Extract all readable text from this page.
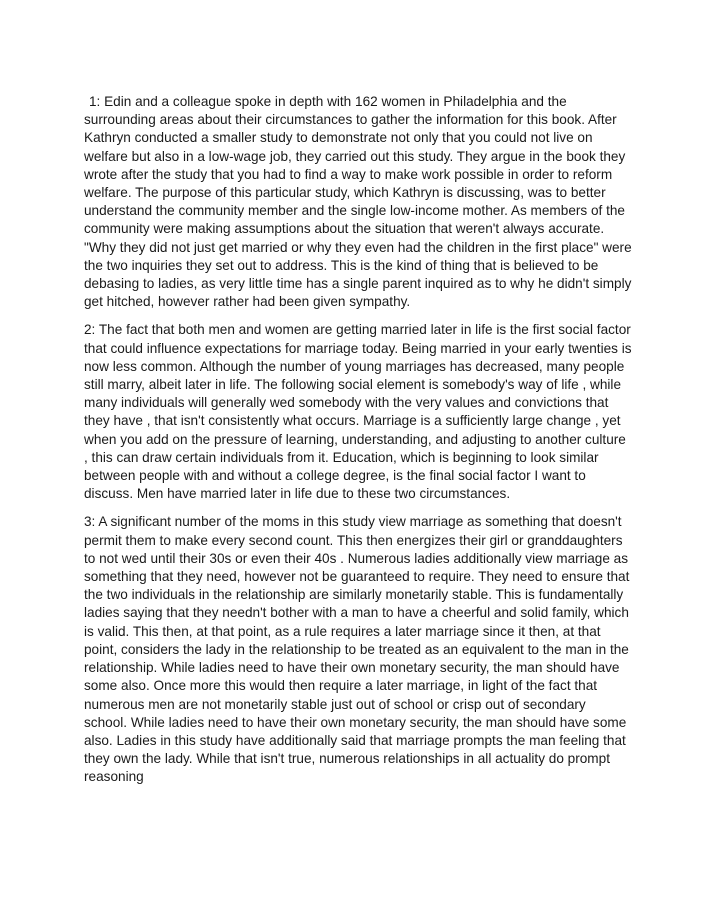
1: Edin and a colleague spoke in depth with 162 women in Philadelphia and the surrounding areas about their circumstances to gather the information for this book. After Kathryn conducted a smaller study to demonstrate not only that you could not live on welfare but also in a low-wage job, they carried out this study. They argue in the book they wrote after the study that you had to find a way to make work possible in order to reform welfare. The purpose of this particular study, which Kathryn is discussing, was to better understand the community member and the single low-income mother. As members of the community were making assumptions about the situation that weren't always accurate. "Why they did not just get married or why they even had the children in the first place" were the two inquiries they set out to address. This is the kind of thing that is believed to be debasing to ladies, as very little time has a single parent inquired as to why he didn't simply get hitched, however rather had been given sympathy.

2: The fact that both men and women are getting married later in life is the first social factor that could influence expectations for marriage today. Being married in your early twenties is now less common. Although the number of young marriages has decreased, many people still marry, albeit later in life. The following social element is somebody's way of life , while many individuals will generally wed somebody with the very values and convictions that they have , that isn't consistently what occurs. Marriage is a sufficiently large change , yet when you add on the pressure of learning, understanding, and adjusting to another culture , this can draw certain individuals from it. Education, which is beginning to look similar between people with and without a college degree, is the final social factor I want to discuss. Men have married later in life due to these two circumstances.

3: A significant number of the moms in this study view marriage as something that doesn't permit them to make every second count. This then energizes their girl or granddaughters to not wed until their 30s or even their 40s . Numerous ladies additionally view marriage as something that they need, however not be guaranteed to require. They need to ensure that the two individuals in the relationship are similarly monetarily stable. This is fundamentally ladies saying that they needn't bother with a man to have a cheerful and solid family, which is valid. This then, at that point, as a rule requires a later marriage since it then, at that point, considers the lady in the relationship to be treated as an equivalent to the man in the relationship. While ladies need to have their own monetary security, the man should have some also. Once more this would then require a later marriage, in light of the fact that numerous men are not monetarily stable just out of school or crisp out of secondary school. While ladies need to have their own monetary security, the man should have some also. Ladies in this study have additionally said that marriage prompts the man feeling that they own the lady. While that isn't true, numerous relationships in all actuality do prompt reasoning
